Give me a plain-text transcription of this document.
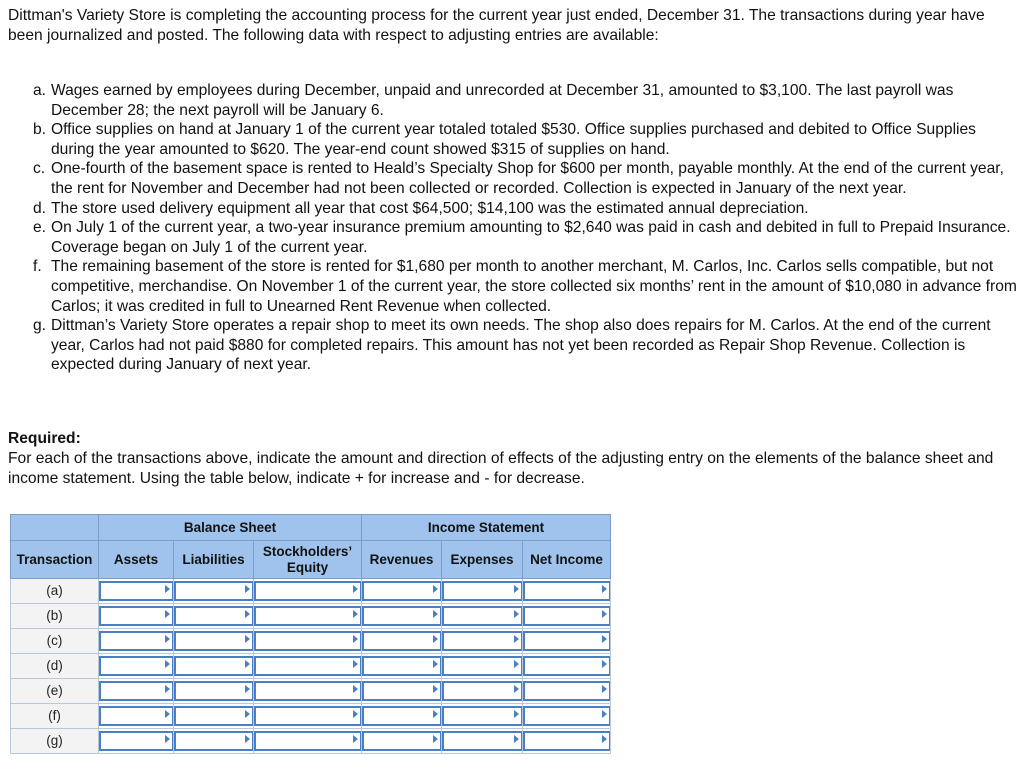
Dittman's Variety Store is completing the accounting process for the current year just ended, December 31. The transactions during year have been journalized and posted. The following data with respect to adjusting entries are available:
a. Wages earned by employees during December, unpaid and unrecorded at December 31, amounted to $3,100. The last payroll was December 28; the next payroll will be January 6.
b. Office supplies on hand at January 1 of the current year totaled totaled $530. Office supplies purchased and debited to Office Supplies during the year amounted to $620. The year-end count showed $315 of supplies on hand.
c. One-fourth of the basement space is rented to Heald’s Specialty Shop for $600 per month, payable monthly. At the end of the current year, the rent for November and December had not been collected or recorded. Collection is expected in January of the next year.
d. The store used delivery equipment all year that cost $64,500; $14,100 was the estimated annual depreciation.
e. On July 1 of the current year, a two-year insurance premium amounting to $2,640 was paid in cash and debited in full to Prepaid Insurance. Coverage began on July 1 of the current year.
f. The remaining basement of the store is rented for $1,680 per month to another merchant, M. Carlos, Inc. Carlos sells compatible, but not competitive, merchandise. On November 1 of the current year, the store collected six months’ rent in the amount of $10,080 in advance from Carlos; it was credited in full to Unearned Rent Revenue when collected.
g. Dittman’s Variety Store operates a repair shop to meet its own needs. The shop also does repairs for M. Carlos. At the end of the current year, Carlos had not paid $880 for completed repairs. This amount has not yet been recorded as Repair Shop Revenue. Collection is expected during January of next year.
Required:
For each of the transactions above, indicate the amount and direction of effects of the adjusting entry on the elements of the balance sheet and income statement. Using the table below, indicate + for increase and - for decrease.
	Balance Sheet			Income Statement		
Transaction	Assets	Liabilities	Stockholders’ Equity	Revenues	Expenses	Net Income
(a)	

(b)	

(c)	

(d)	

(e)	

(f)	

(g)	
